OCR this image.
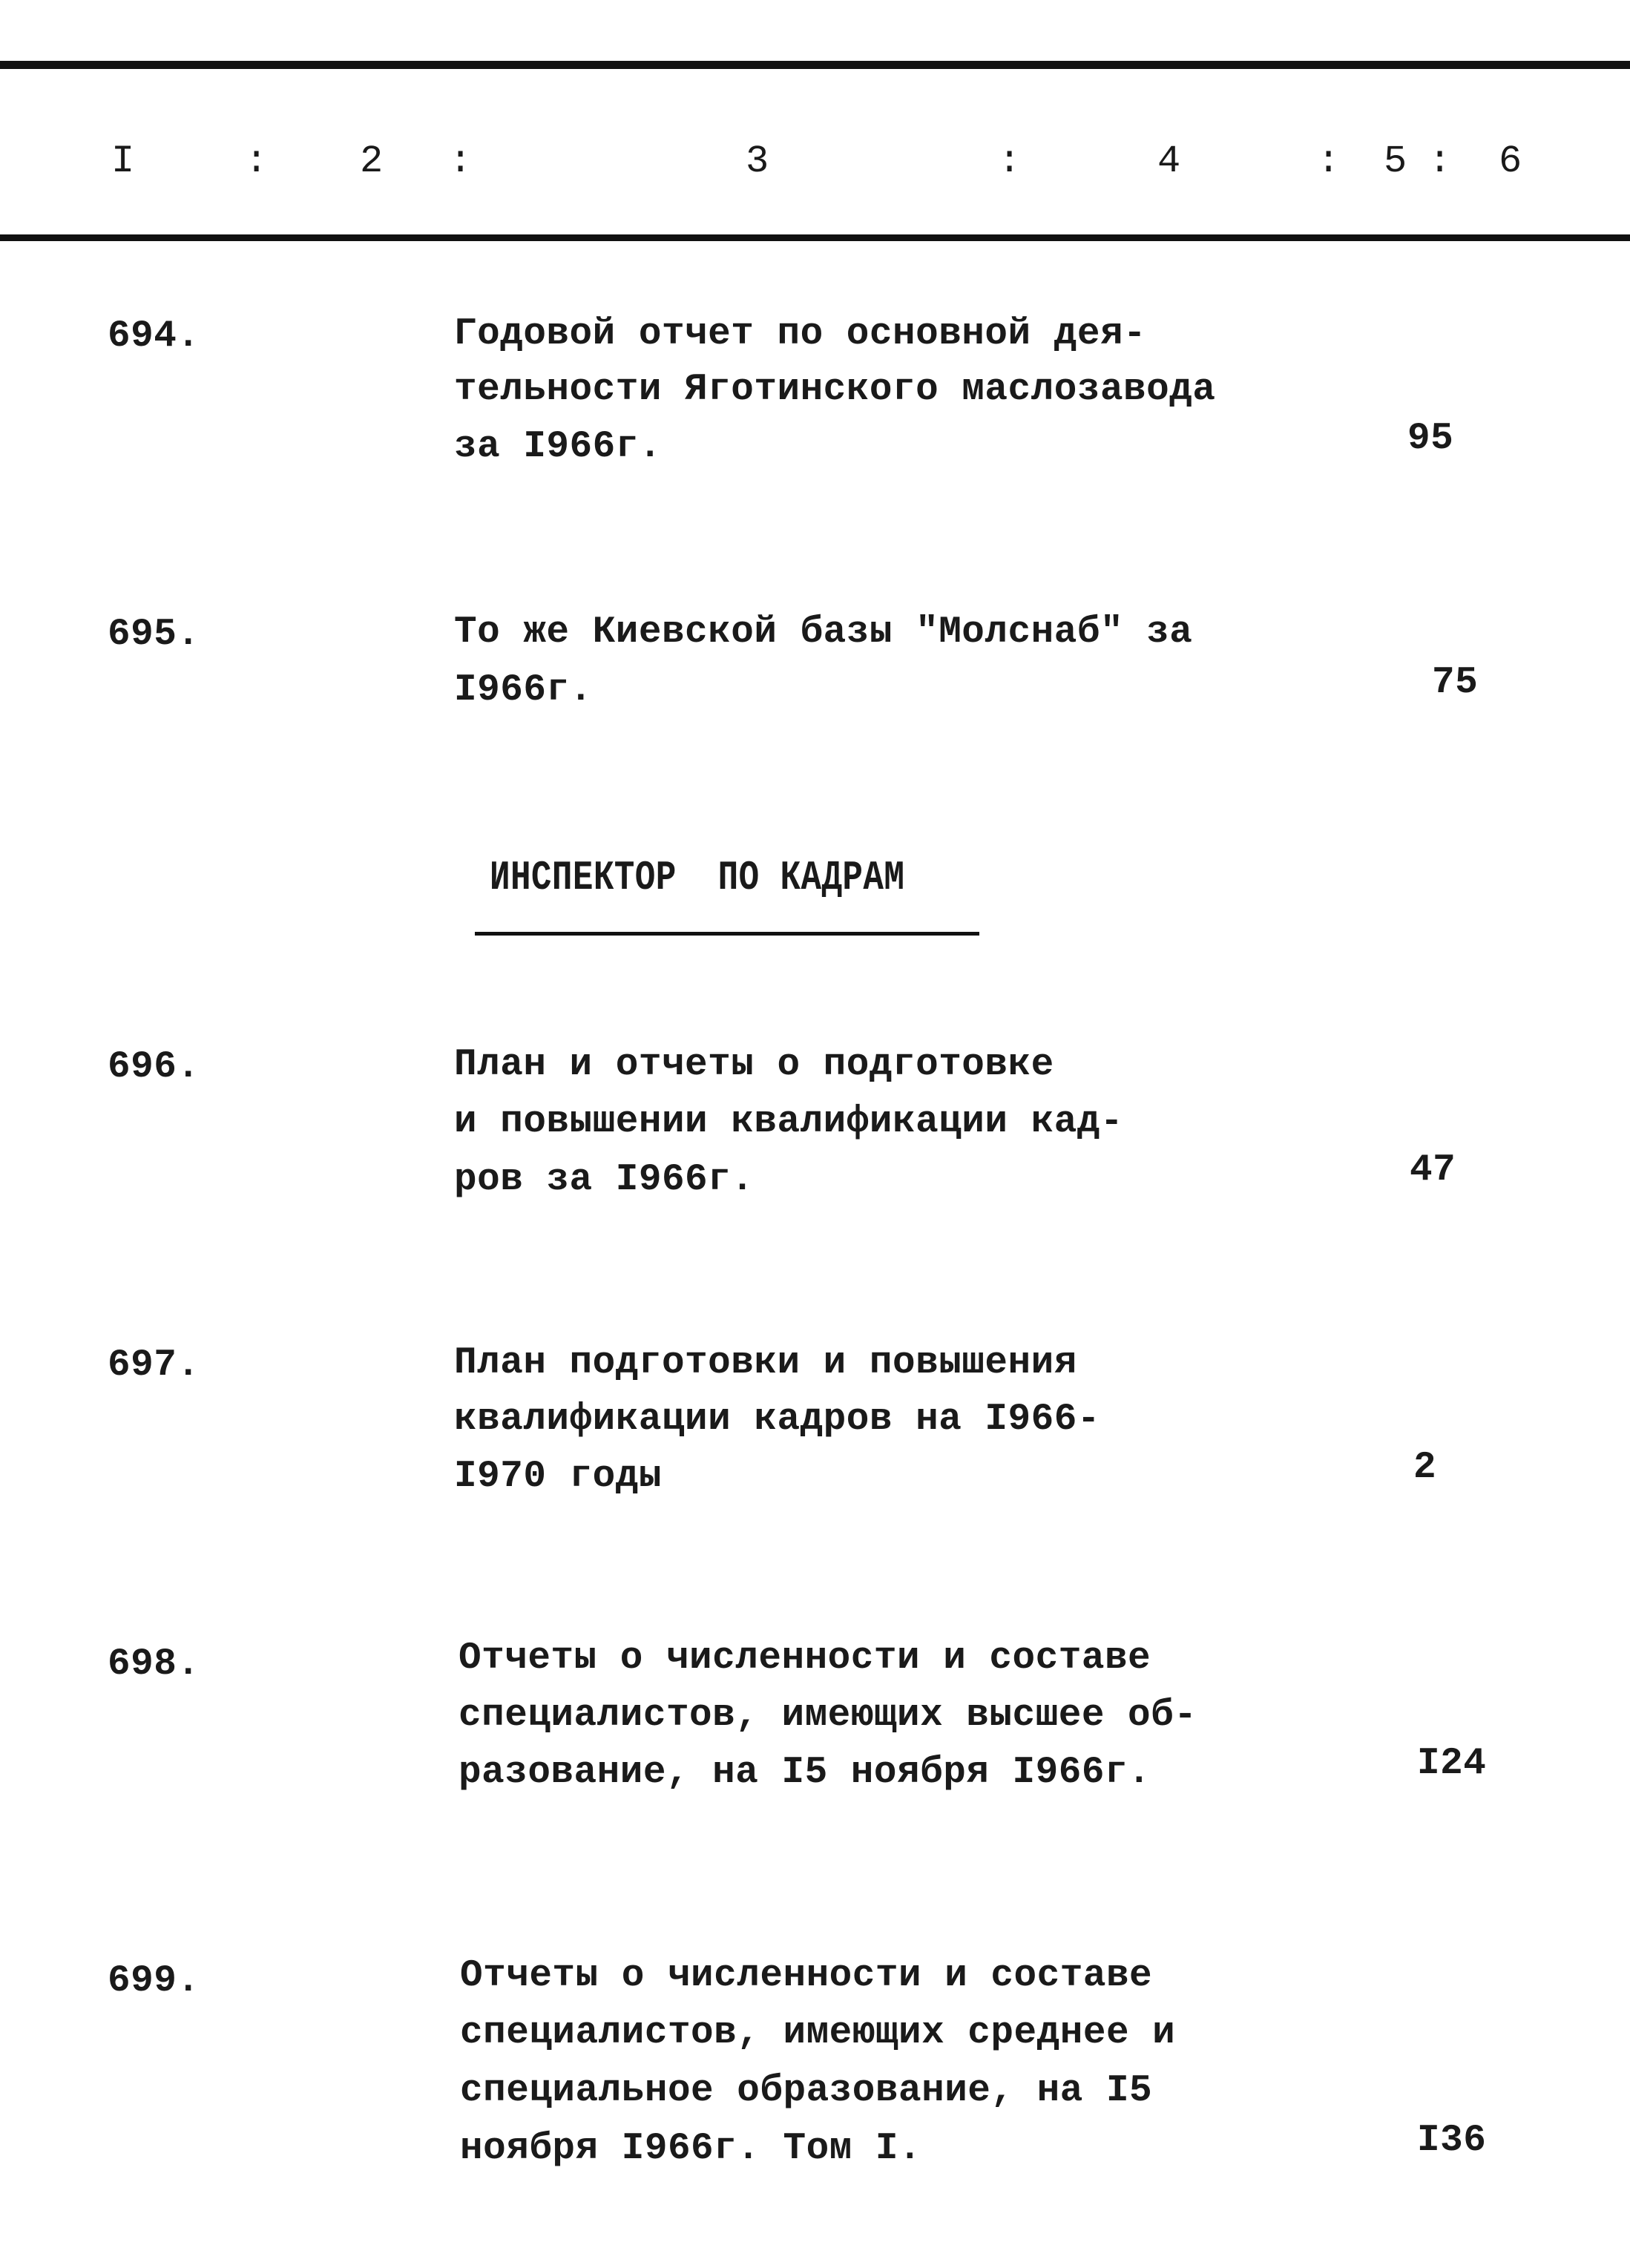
I	: 2 :	3	:	4	: 5 : 6
694.	Годовой отчет по основной дея-
тельности Яготинского маслозавода
за I966г.	95
695.	То же Киевской базы "Молснаб" за
I966г.	75
ИНСПЕКТОР  ПО КАДРАМ
696.	План и отчеты о подготовке
и повышении квалификации кад-
ров за I966г.	47
697.	План подготовки и повышения
квалификации кадров на I966-
I970 годы	2
698.	Отчеты о численности и составе
специалистов, имеющих высшее об-
разование, на I5 ноября I966г.	I24
699.	Отчеты о численности и составе
специалистов, имеющих среднее и
специальное образование, на I5
ноября I966г. Том I.	I36
